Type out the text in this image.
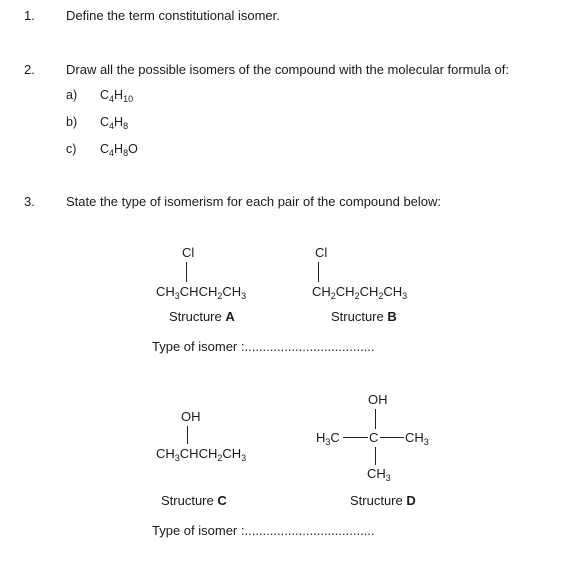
1. Define the term constitutional isomer.
2. Draw all the possible isomers of the compound with the molecular formula of:
a) $C_4H_{10}$
b) $C_4H_8$
c) $C_4H_8O$
3. State the type of isomerism for each pair of the compound below:
Cl
$CH_3CHCH_2CH_3$
Structure A
Cl
$CH_2CH_2CH_2CH_3$
Structure B
Type of isomer :....................................
OH
$CH_3CHCH_2CH_3$
Structure C
OH
$H_3C$ C $CH_3$
$CH_3$
Structure D
Type of isomer :....................................
